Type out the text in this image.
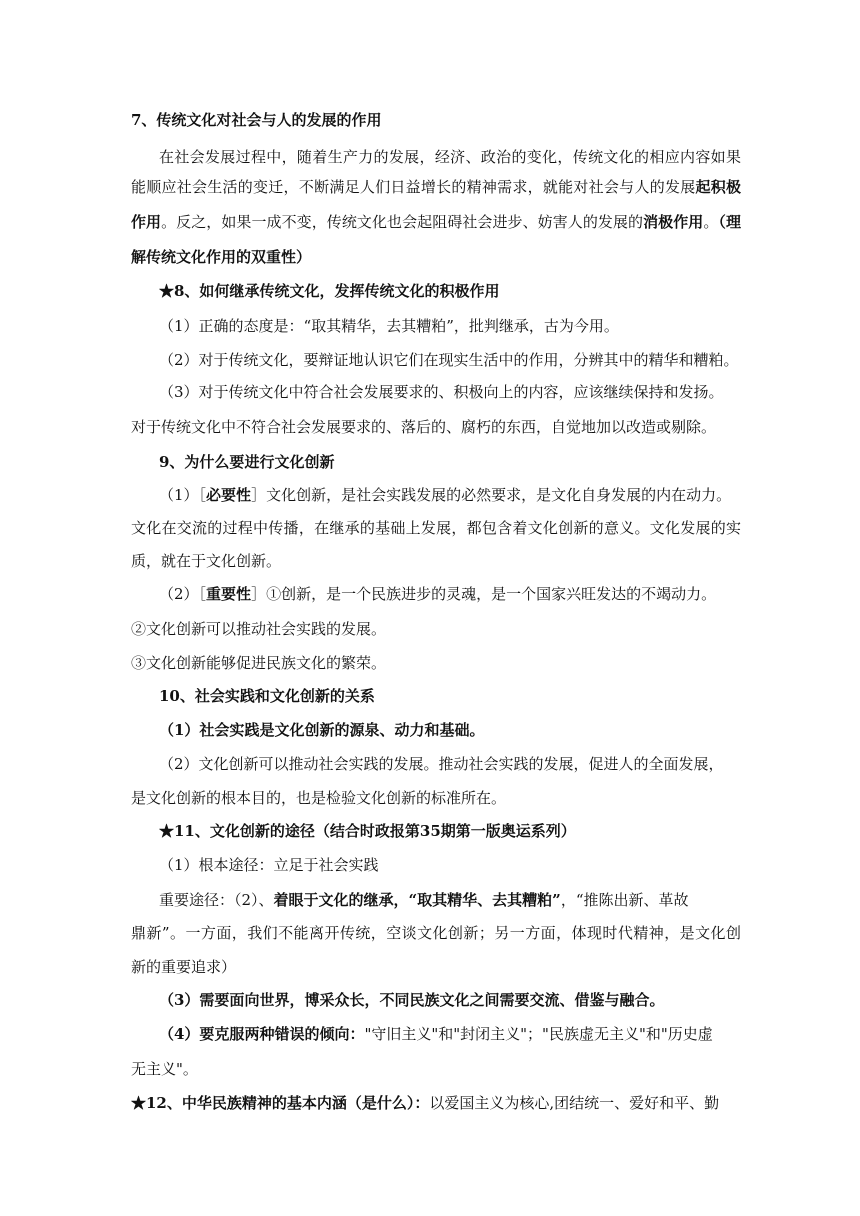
7、传统文化对社会与人的发展的作用
在社会发展过程中，随着生产力的发展，经济、政治的变化，传统文化的相应内容如果
能顺应社会生活的变迁，不断满足人们日益增长的精神需求，就能对社会与人的发展起积极
作用。反之，如果一成不变，传统文化也会起阻碍社会进步、妨害人的发展的消极作用。（理
解传统文化作用的双重性）
★8、如何继承传统文化，发挥传统文化的积极作用
（1）正确的态度是：“取其精华，去其糟粕”，批判继承，古为今用。
（2）对于传统文化，要辩证地认识它们在现实生活中的作用，分辨其中的精华和糟粕。
（3）对于传统文化中符合社会发展要求的、积极向上的内容，应该继续保持和发扬。
对于传统文化中不符合社会发展要求的、落后的、腐朽的东西，自觉地加以改造或剔除。
9、为什么要进行文化创新
（1）［必要性］文化创新，是社会实践发展的必然要求，是文化自身发展的内在动力。
文化在交流的过程中传播，在继承的基础上发展，都包含着文化创新的意义。文化发展的实
质，就在于文化创新。
（2）［重要性］①创新，是一个民族进步的灵魂，是一个国家兴旺发达的不竭动力。
②文化创新可以推动社会实践的发展。
③文化创新能够促进民族文化的繁荣。
10、社会实践和文化创新的关系
（1）社会实践是文化创新的源泉、动力和基础。
（2）文化创新可以推动社会实践的发展。推动社会实践的发展，促进人的全面发展，
是文化创新的根本目的，也是检验文化创新的标准所在。
★11、文化创新的途径（结合时政报第35期第一版奥运系列）
（1）根本途径：立足于社会实践
重要途径：（2）、着眼于文化的继承，“取其精华、去其糟粕”，“推陈出新、革故
鼎新”。一方面，我们不能离开传统，空谈文化创新；另一方面，体现时代精神，是文化创
新的重要追求）
（3）需要面向世界，博采众长，不同民族文化之间需要交流、借鉴与融合。
（4）要克服两种错误的倾向："守旧主义"和"封闭主义"；"民族虚无主义"和"历史虚
无主义"。
★12、中华民族精神的基本内涵（是什么）：以爱国主义为核心,团结统一、爱好和平、勤
